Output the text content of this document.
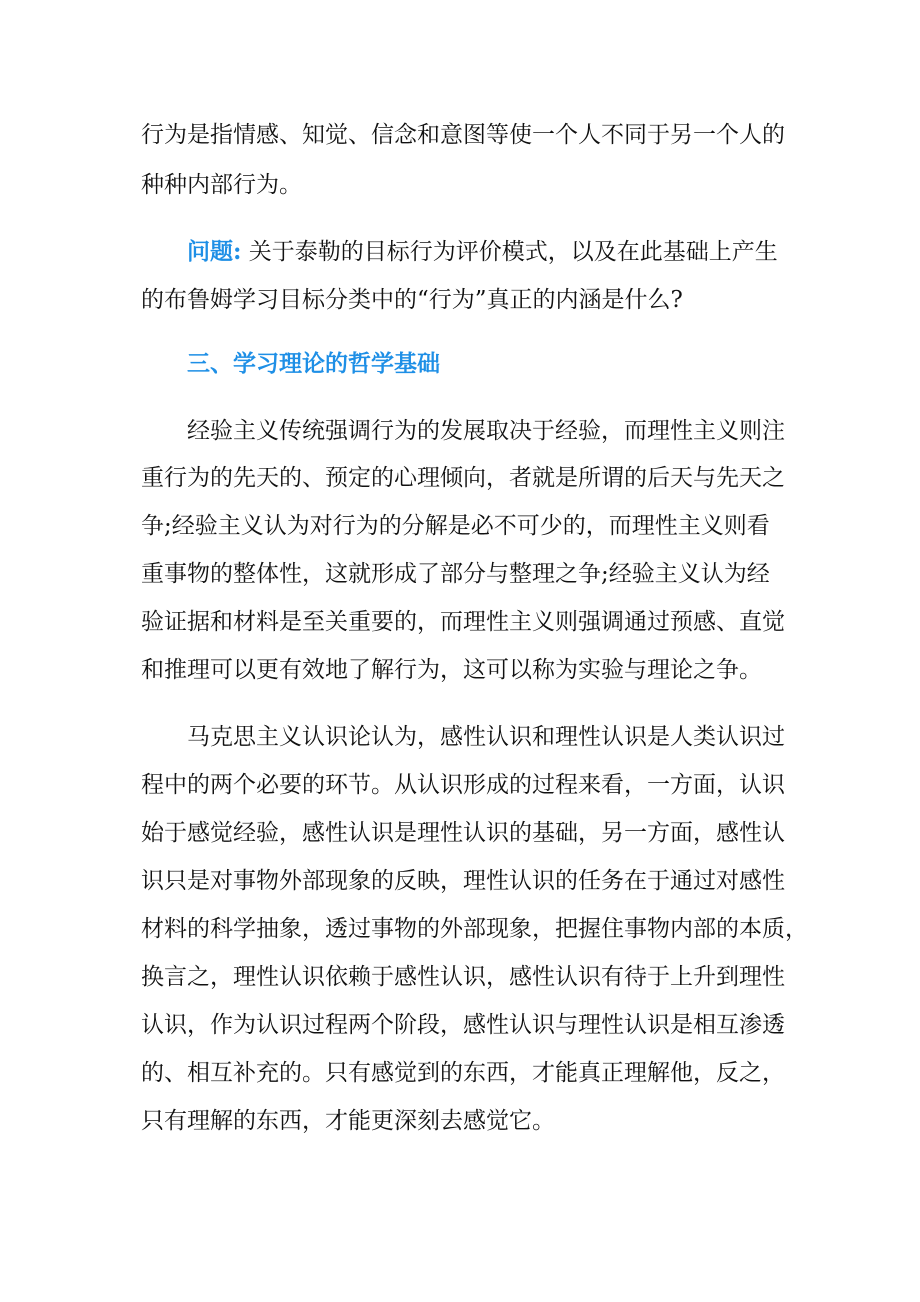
行为是指情感、知觉、信念和意图等使一个人不同于另一个人的
种种内部行为。
问题: 关于泰勒的目标行为评价模式，以及在此基础上产生
的布鲁姆学习目标分类中的“行为”真正的内涵是什么?
三、学习理论的哲学基础
经验主义传统强调行为的发展取决于经验，而理性主义则注
重行为的先天的、预定的心理倾向，者就是所谓的后天与先天之
争;经验主义认为对行为的分解是必不可少的，而理性主义则看
重事物的整体性，这就形成了部分与整理之争;经验主义认为经
验证据和材料是至关重要的，而理性主义则强调通过预感、直觉
和推理可以更有效地了解行为，这可以称为实验与理论之争。
马克思主义认识论认为，感性认识和理性认识是人类认识过
程中的两个必要的环节。从认识形成的过程来看，一方面，认识
始于感觉经验，感性认识是理性认识的基础，另一方面，感性认
识只是对事物外部现象的反映，理性认识的任务在于通过对感性
材料的科学抽象，透过事物的外部现象，把握住事物内部的本质，
换言之，理性认识依赖于感性认识，感性认识有待于上升到理性
认识，作为认识过程两个阶段，感性认识与理性认识是相互渗透
的、相互补充的。只有感觉到的东西，才能真正理解他，反之，
只有理解的东西，才能更深刻去感觉它。
